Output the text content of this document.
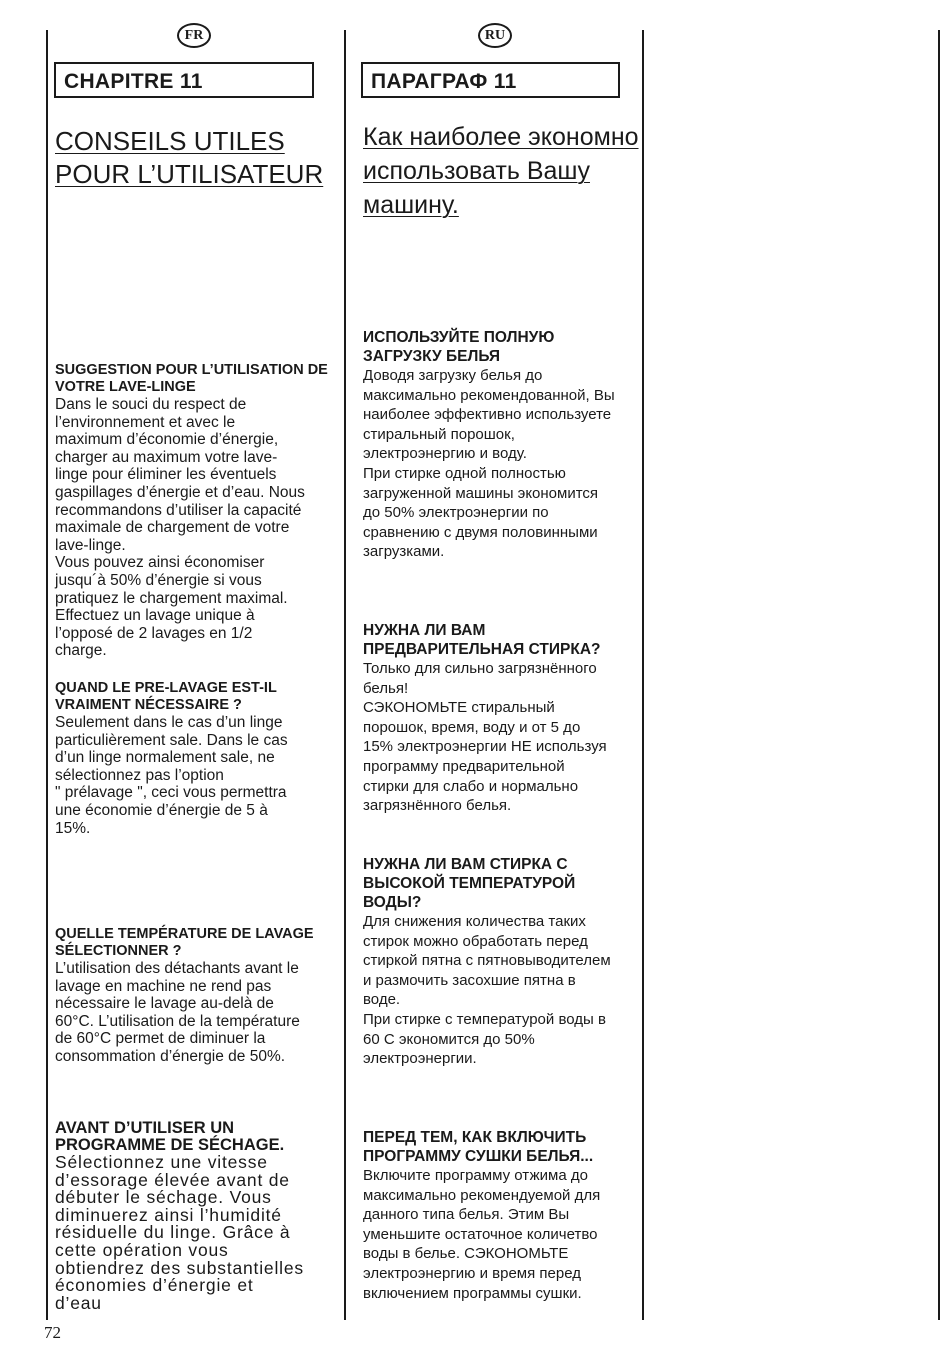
FR
CHAPITRE 11
CONSEILS UTILES
POUR L’UTILISATEUR
SUGGESTION POUR L’UTILISATION DE
VOTRE LAVE-LINGE

Dans le souci du respect de
l’environnement et avec le
maximum d’économie d’énergie,
charger au maximum votre lave-
linge pour éliminer les éventuels
gaspillages d’énergie et d’eau. Nous
recommandons d’utiliser la capacité
maximale de chargement de votre
lave-linge.
Vous pouvez ainsi économiser
jusqu´à 50% d’énergie si vous
pratiquez le chargement maximal.
Effectuez un lavage unique à
l’opposé de 2 lavages en 1/2
charge.

QUAND LE PRE-LAVAGE EST-IL
VRAIMENT NÉCESSAIRE ?

Seulement dans le cas d’un linge
particulièrement sale. Dans le cas
d’un linge normalement sale, ne
sélectionnez pas l’option
" prélavage ", ceci vous permettra
une économie d’énergie de 5 à
15%.

QUELLE TEMPÉRATURE DE LAVAGE
SÉLECTIONNER ?

L’utilisation des détachants avant le
lavage en machine ne rend pas
nécessaire le lavage au-delà de
60°C. L’utilisation de la température
de 60°C permet de diminuer la
consommation d’énergie de 50%.

AVANT D’UTILISER UN
PROGRAMME DE SÉCHAGE.

Sélectionnez une vitesse
d’essorage élevée avant de
débuter le séchage. Vous
diminuerez ainsi l’humidité
résiduelle du linge. Grâce à
cette opération vous
obtiendrez des substantielles
économies d’énergie et
d’eau

RU
ПАРАГРАФ 11
Как наиболее экономно
использовать Вашу
машину.
ИСПОЛЬЗУЙТЕ ПОЛНУЮ
ЗАГРУЗКУ БЕЛЬЯ

Доводя загрузку белья до
максимально рекомендованной, Вы
наиболее эффективно используете
стиральный порошок,
электроэнергию и воду.
При стирке одной полностью
загруженной машины экономится
до 50% электроэнергии по
сравнению с двумя половинными
загрузками.

НУЖНА ЛИ ВАМ
ПРЕДВАРИТЕЛЬНАЯ СТИРКА?

Только для сильно загрязнённого
белья!
СЭКОНОМЬТЕ стиральный
порошок, время, воду и от 5 до
15% электроэнергии НЕ используя
программу предварительной
стирки для слабо и нормально
загрязнённого белья.

НУЖНА ЛИ ВАМ СТИРКА С
ВЫСОКОЙ ТЕМПЕРАТУРОЙ
ВОДЫ?

Для снижения количества таких
стирок можно обработать перед
стиркой пятна с пятновыводителем
и размочить засохшие пятна в
воде.
При стирке с температурой воды в
60 С экономится до 50%
электроэнергии.

ПЕРЕД ТЕМ, КАК ВКЛЮЧИТЬ
ПРОГРАММУ СУШКИ БЕЛЬЯ...

Включите программу отжима до
максимально рекомендуемой для
данного типа белья. Этим Вы
уменьшите остаточное количетво
воды в белье. СЭКОНОМЬТЕ
электроэнергию и время перед
включением программы сушки.

72
